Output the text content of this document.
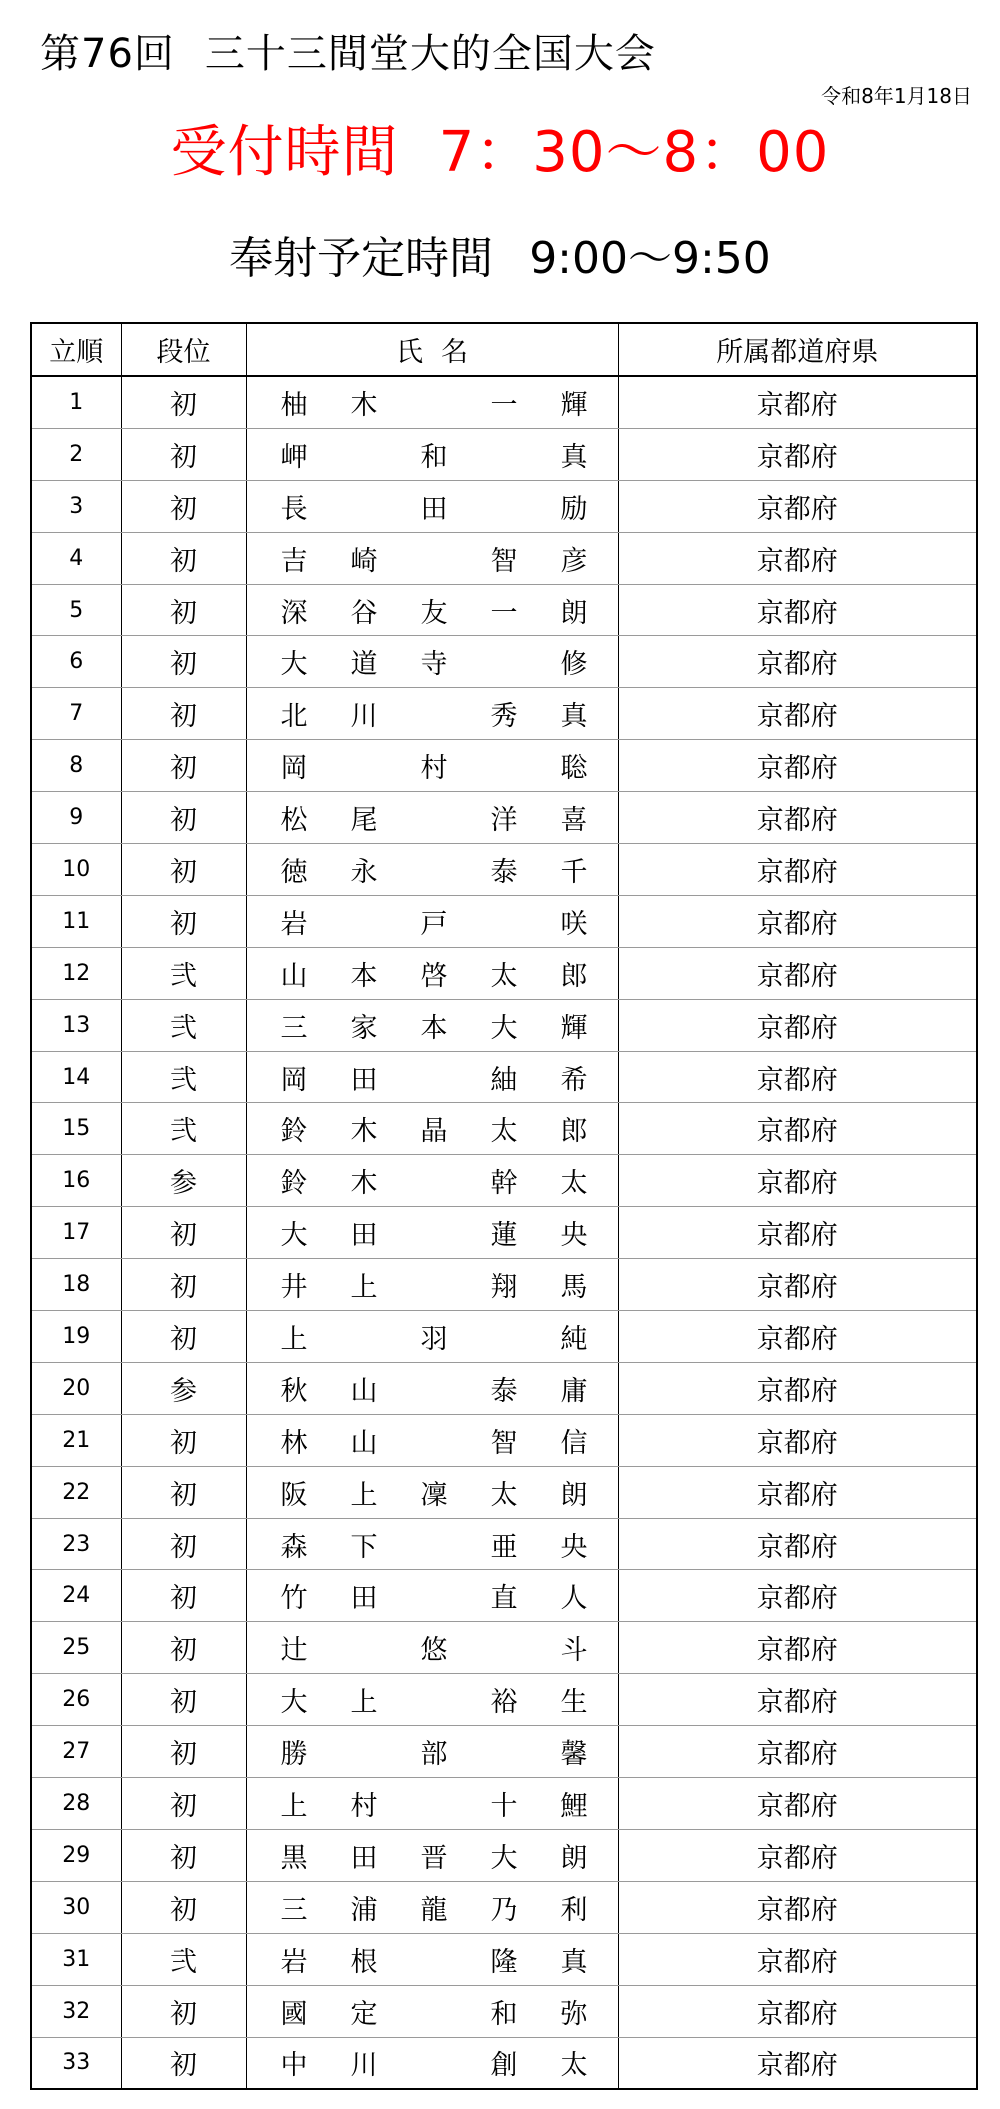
第76回 三十三間堂大的全国大会
令和8年1月18日
受付時間 7：30～8：00
奉射予定時間 9:00～9:50
立順	段位	氏名	所属都道府県
1	初	柚 木 一 輝	京都府
2	初	岬 和 真	京都府
3	初	長 田 励	京都府
4	初	吉 崎 智 彦	京都府
5	初	深 谷 友 一 朗	京都府
6	初	大 道 寺 修	京都府
7	初	北 川 秀 真	京都府
8	初	岡 村 聡	京都府
9	初	松 尾 洋 喜	京都府
10	初	徳 永 泰 千	京都府
11	初	岩 戸 咲	京都府
12	弐	山 本 啓 太 郎	京都府
13	弐	三 家 本 大 輝	京都府
14	弐	岡 田 紬 希	京都府
15	弐	鈴 木 晶 太 郎	京都府
16	参	鈴 木 幹 太	京都府
17	初	大 田 蓮 央	京都府
18	初	井 上 翔 馬	京都府
19	初	上 羽 純	京都府
20	参	秋 山 泰 庸	京都府
21	初	林 山 智 信	京都府
22	初	阪 上 凜 太 朗	京都府
23	初	森 下 亜 央	京都府
24	初	竹 田 直 人	京都府
25	初	辻 悠 斗	京都府
26	初	大 上 裕 生	京都府
27	初	勝 部 馨	京都府
28	初	上 村 十 鯉	京都府
29	初	黒 田 晋 大 朗	京都府
30	初	三 浦 龍 乃 利	京都府
31	弐	岩 根 隆 真	京都府
32	初	國 定 和 弥	京都府
33	初	中 川 創 太	京都府
